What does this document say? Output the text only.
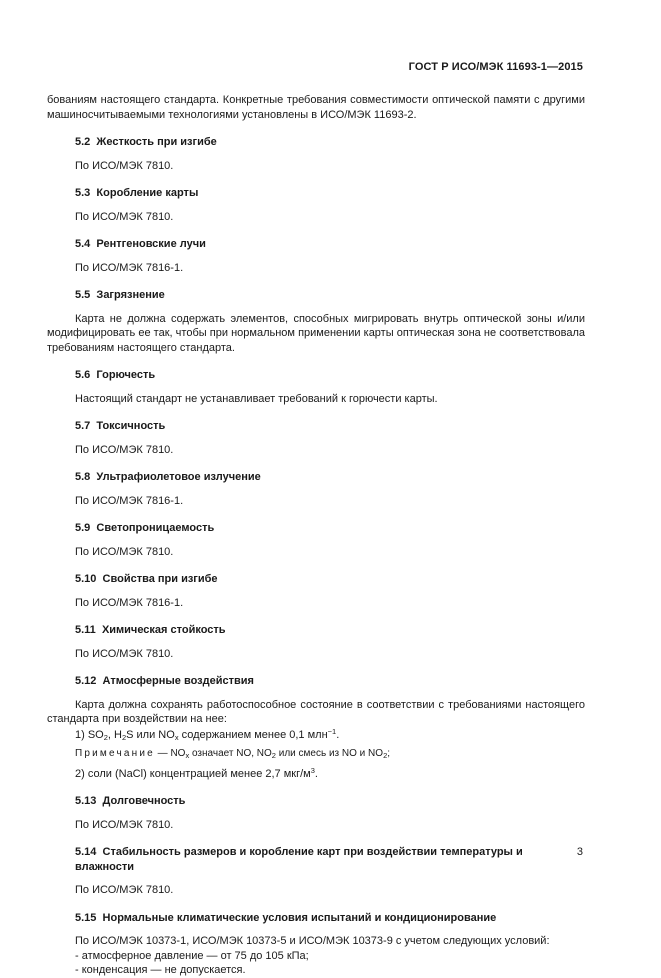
ГОСТ Р ИСО/МЭК 11693-1—2015

бованиям настоящего стандарта. Конкретные требования совместимости оптической памяти с другими машиносчитываемыми технологиями установлены в ИСО/МЭК 11693-2.

5.2 Жесткость при изгибе
По ИСО/МЭК 7810.
5.3 Коробление карты
По ИСО/МЭК 7810.
5.4 Рентгеновские лучи
По ИСО/МЭК 7816-1.
5.5 Загрязнение
Карта не должна содержать элементов, способных мигрировать внутрь оптической зоны и/или модифицировать ее так, чтобы при нормальном применении карты оптическая зона не соответствовала требованиям настоящего стандарта.
5.6 Горючесть
Настоящий стандарт не устанавливает требований к горючести карты.
5.7 Токсичность
По ИСО/МЭК 7810.
5.8 Ультрафиолетовое излучение
По ИСО/МЭК 7816-1.
5.9 Светопроницаемость
По ИСО/МЭК 7810.
5.10 Свойства при изгибе
По ИСО/МЭК 7816-1.
5.11 Химическая стойкость
По ИСО/МЭК 7810.
5.12 Атмосферные воздействия
Карта должна сохранять работоспособное состояние в соответствии с требованиями настоящего стандарта при воздействии на нее:
1) $SO_2$, $H_2S$ или $NO_x$ содержанием менее 0,1 млн$^{-1}$.
Примечание — $NO_x$ означает NO, $NO_2$ или смесь из NO и $NO_2$;
2) соли (NaCl) концентрацией менее 2,7 мкг/$м^3$.
5.13 Долговечность
По ИСО/МЭК 7810.
5.14 Стабильность размеров и коробление карт при воздействии температуры и влажности
По ИСО/МЭК 7810.
5.15 Нормальные климатические условия испытаний и кондиционирование
По ИСО/МЭК 10373-1, ИСО/МЭК 10373-5 и ИСО/МЭК 10373-9 с учетом следующих условий:
- атмосферное давление — от 75 до 105 кПа;
- конденсация — не допускается.
3
